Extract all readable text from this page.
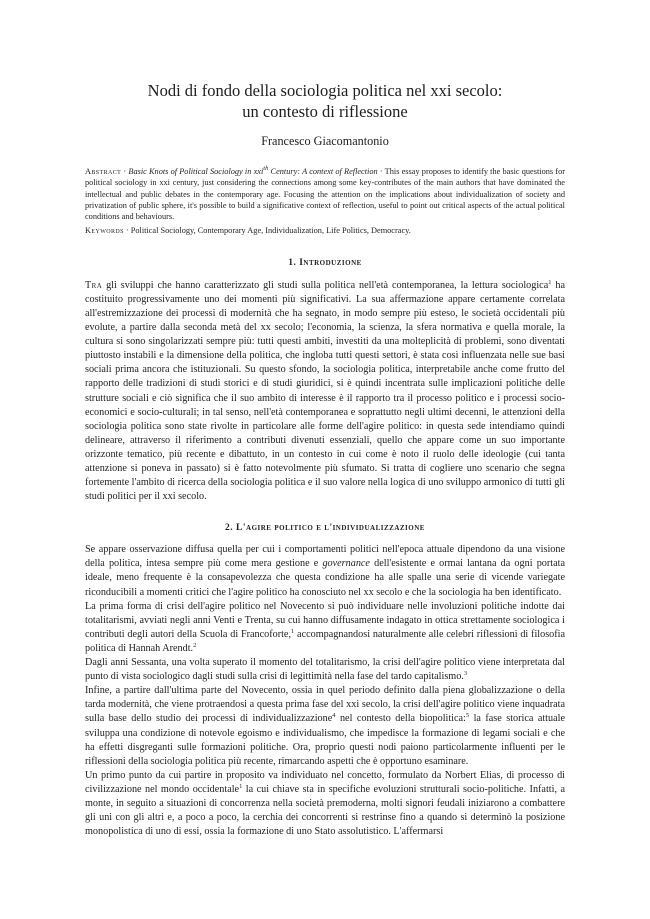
Nodi di fondo della sociologia politica nel xxi secolo:
un contesto di riflessione
Francesco Giacomantonio
Abstract · Basic Knots of Political Sociology in xxi$^{th}$ Century: A context of Reflection · This essay proposes to identify the basic questions for political sociology in xxi century, just considering the connections among some key-contributes of the main authors that have dominated the intellectual and public debates in the contemporary age. Focusing the attention on the implications about individualization of society and privatization of public sphere, it's possible to build a significative context of reflection, useful to point out critical aspects of the actual political conditions and behaviours.
Keywords · Political Sociology, Contemporary Age, Individualization, Life Politics, Democracy.
1. Introduzione

Tra gli sviluppi che hanno caratterizzato gli studi sulla politica nell'età contemporanea, la lettura sociologica$^1$ ha costituito progressivamente uno dei momenti più significativi. La sua affermazione appare certamente correlata all'estremizzazione dei processi di modernità che ha segnato, in modo sempre più esteso, le società occidentali più evolute, a partire dalla seconda metà del xx secolo; l'economia, la scienza, la sfera normativa e quella morale, la cultura si sono singolarizzati sempre più: tutti questi ambiti, investiti da una molteplicità di problemi, sono diventati piuttosto instabili e la dimensione della politica, che ingloba tutti questi settori, è stata così influenzata nelle sue basi sociali prima ancora che istituzionali. Su questo sfondo, la sociologia politica, interpretabile anche come frutto del rapporto delle tradizioni di studi storici e di studi giuridici, si è quindi incentrata sulle implicazioni politiche delle strutture sociali e ciò significa che il suo ambito di interesse è il rapporto tra il processo politico e i processi socio-economici e socio-culturali; in tal senso, nell'età contemporanea e soprattutto negli ultimi decenni, le attenzioni della sociologia politica sono state rivolte in particolare alle forme dell'agire politico: in questa sede intendiamo quindi delineare, attraverso il riferimento a contributi divenuti essenziali, quello che appare come un suo importante orizzonte tematico, più recente e dibattuto, in un contesto in cui come è noto il ruolo delle ideologie (cui tanta attenzione si poneva in passato) si è fatto notevolmente più sfumato. Si tratta di cogliere uno scenario che segna fortemente l'ambito di ricerca della sociologia politica e il suo valore nella logica di uno sviluppo armonico di tutti gli studi politici per il xxi secolo.

2. L'agire politico e l'individualizzazione

Se appare osservazione diffusa quella per cui i comportamenti politici nell'epoca attuale dipendono da una visione della politica, intesa sempre più come mera gestione e governance dell'esistente e ormai lantana da ogni portata ideale, meno frequente è la consapevolezza che questa condizione ha alle spalle una serie di vicende variegate riconducibili a momenti critici che l'agire politico ha conosciuto nel xx secolo e che la sociologia ha ben identificato.

La prima forma di crisi dell'agire politico nel Novecento si può individuare nelle involuzioni politiche indotte dai totalitarismi, avviati negli anni Venti e Trenta, su cui hanno diffusamente indagato in ottica strettamente sociologica i contributi degli autori della Scuola di Francoforte,$^1$ accompagnandosi naturalmente alle celebri riflessioni di filosofia politica di Hannah Arendt.$^2$

Dagli anni Sessanta, una volta superato il momento del totalitarismo, la crisi dell'agire politico viene interpretata dal punto di vista sociologico dagli studi sulla crisi di legittimità nella fase del tardo capitalismo.$^3$

Infine, a partire dall'ultima parte del Novecento, ossia in quel periodo definito dalla piena globalizzazione o della tarda modernità, che viene protraendosi a questa prima fase del xxi secolo, la crisi dell'agire politico viene inquadrata sulla base dello studio dei processi di individualizzazione$^4$ nel contesto della biopolitica:$^5$ la fase storica attuale sviluppa una condizione di notevole egoismo e individualismo, che impedisce la formazione di legami sociali e che ha effetti disgreganti sulle formazioni politiche. Ora, proprio questi nodi paiono particolarmente influenti per le riflessioni della sociologia politica più recente, rimarcando aspetti che è opportuno esaminare.

Un primo punto da cui partire in proposito va individuato nel concetto, formulato da Norbert Elias, di processo di civilizzazione nel mondo occidentale$^1$ la cui chiave sta in specifiche evoluzioni strutturali socio-politiche. Infatti, a monte, in seguito a situazioni di concorrenza nella società premoderna, molti signori feudali iniziarono a combattere gli uni con gli altri e, a poco a poco, la cerchia dei concorrenti si restrinse fino a quando si determinò la posizione monopolistica di uno di essi, ossia la formazione di uno Stato assolutistico. L'affermarsi
